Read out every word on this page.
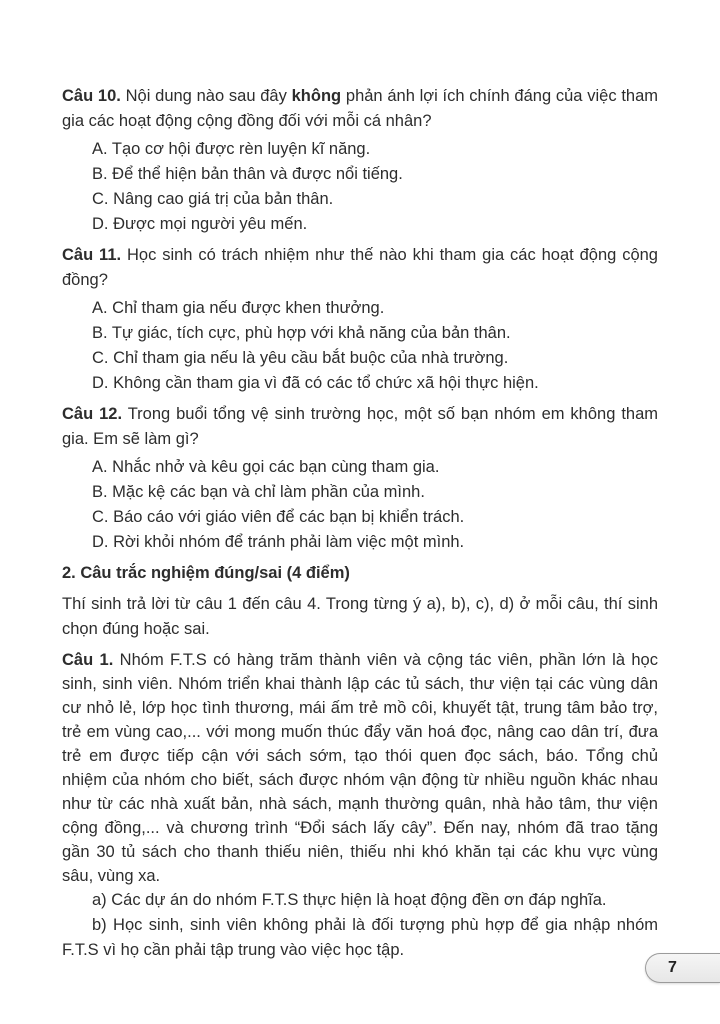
Câu 10. Nội dung nào sau đây không phản ánh lợi ích chính đáng của việc tham gia các hoạt động cộng đồng đối với mỗi cá nhân?

A. Tạo cơ hội được rèn luyện kĩ năng.
B. Để thể hiện bản thân và được nổi tiếng.
C. Nâng cao giá trị của bản thân.
D. Được mọi người yêu mến.

Câu 11. Học sinh có trách nhiệm như thế nào khi tham gia các hoạt động cộng đồng?

A. Chỉ tham gia nếu được khen thưởng.
B. Tự giác, tích cực, phù hợp với khả năng của bản thân.
C. Chỉ tham gia nếu là yêu cầu bắt buộc của nhà trường.
D. Không cần tham gia vì đã có các tổ chức xã hội thực hiện.

Câu 12. Trong buổi tổng vệ sinh trường học, một số bạn nhóm em không tham gia. Em sẽ làm gì?

A. Nhắc nhở và kêu gọi các bạn cùng tham gia.
B. Mặc kệ các bạn và chỉ làm phần của mình.
C. Báo cáo với giáo viên để các bạn bị khiển trách.
D. Rời khỏi nhóm để tránh phải làm việc một mình.

2. Câu trắc nghiệm đúng/sai (4 điểm)

Thí sinh trả lời từ câu 1 đến câu 4. Trong từng ý a), b), c), d) ở mỗi câu, thí sinh chọn đúng hoặc sai.

Câu 1. Nhóm F.T.S có hàng trăm thành viên và cộng tác viên, phần lớn là học sinh, sinh viên. Nhóm triển khai thành lập các tủ sách, thư viện tại các vùng dân cư nhỏ lẻ, lớp học tình thương, mái ấm trẻ mồ côi, khuyết tật, trung tâm bảo trợ, trẻ em vùng cao,... với mong muốn thúc đẩy văn hoá đọc, nâng cao dân trí, đưa trẻ em được tiếp cận với sách sớm, tạo thói quen đọc sách, báo. Tổng chủ nhiệm của nhóm cho biết, sách được nhóm vận động từ nhiều nguồn khác nhau như từ các nhà xuất bản, nhà sách, mạnh thường quân, nhà hảo tâm, thư viện cộng đồng,... và chương trình “Đổi sách lấy cây”. Đến nay, nhóm đã trao tặng gần 30 tủ sách cho thanh thiếu niên, thiếu nhi khó khăn tại các khu vực vùng sâu, vùng xa.

a) Các dự án do nhóm F.T.S thực hiện là hoạt động đền ơn đáp nghĩa.

b) Học sinh, sinh viên không phải là đối tượng phù hợp để gia nhập nhóm F.T.S vì họ cần phải tập trung vào việc học tập.

7
